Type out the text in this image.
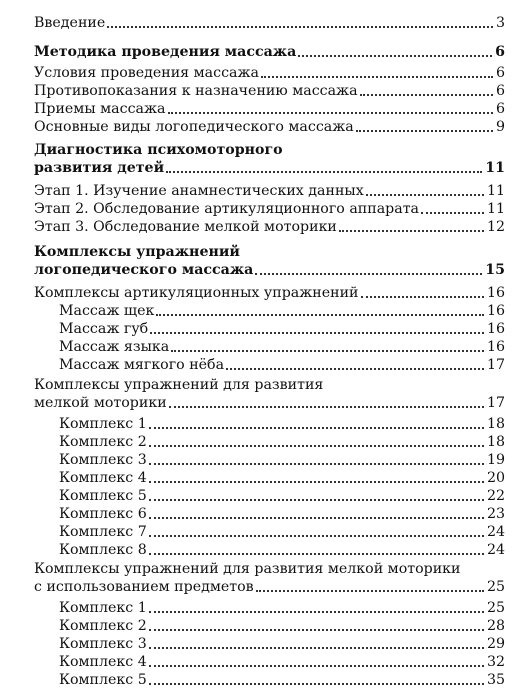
Введение	3
Методика проведения массажа	6
Условия проведения массажа	6
Противопоказания к назначению массажа	6
Приемы массажа	6
Основные виды логопедического массажа	9
Диагностика психомоторного
развития детей	11
Этап 1. Изучение анамнестических данных	11
Этап 2. Обследование артикуляционного аппарата	11
Этап 3. Обследование мелкой моторики	12
Комплексы упражнений
логопедического массажа	15
Комплексы артикуляционных упражнений	16
Массаж щек	16
Массаж губ	16
Массаж языка	16
Массаж мягкого нёба	17
Комплексы упражнений для развития
мелкой моторики	17
Комплекс 1	18
Комплекс 2	18
Комплекс 3	19
Комплекс 4	20
Комплекс 5	22
Комплекс 6	23
Комплекс 7	24
Комплекс 8	24
Комплексы упражнений для развития мелкой моторики
с использованием предметов	25
Комплекс 1	25
Комплекс 2	28
Комплекс 3	29
Комплекс 4	32
Комплекс 5	35
